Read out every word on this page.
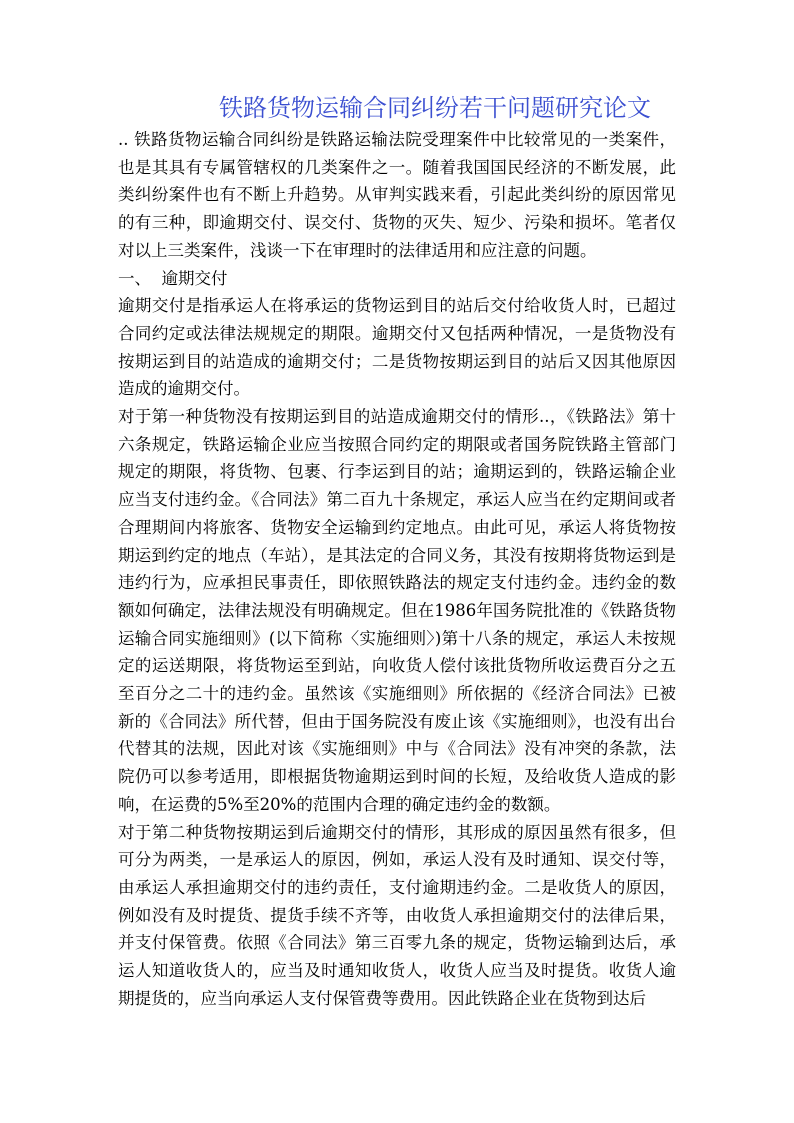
铁路货物运输合同纠纷若干问题研究论文

.. 铁路货物运输合同纠纷是铁路运输法院受理案件中比较常见的一类案件，也是其具有专属管辖权的几类案件之一。随着我国国民经济的不断发展，此类纠纷案件也有不断上升趋势。从审判实践来看，引起此类纠纷的原因常见的有三种，即逾期交付、误交付、货物的灭失、短少、污染和损坏。笔者仅对以上三类案件，浅谈一下在审理时的法律适用和应注意的问题。

一、  逾期交付

逾期交付是指承运人在将承运的货物运到目的站后交付给收货人时，已超过合同约定或法律法规规定的期限。逾期交付又包括两种情况，一是货物没有按期运到目的站造成的逾期交付；二是货物按期运到目的站后又因其他原因造成的逾期交付。

对于第一种货物没有按期运到目的站造成逾期交付的情形..，《铁路法》第十六条规定，铁路运输企业应当按照合同约定的期限或者国务院铁路主管部门规定的期限，将货物、包裹、行李运到目的站；逾期运到的，铁路运输企业应当支付违约金。《合同法》第二百九十条规定，承运人应当在约定期间或者合理期间内将旅客、货物安全运输到约定地点。由此可见，承运人将货物按期运到约定的地点（车站），是其法定的合同义务，其没有按期将货物运到是违约行为，应承担民事责任，即依照铁路法的规定支付违约金。违约金的数额如何确定，法律法规没有明确规定。但在1986年国务院批准的《铁路货物运输合同实施细则》(以下简称〈实施细则〉)第十八条的规定，承运人未按规定的运送期限，将货物运至到站，向收货人偿付该批货物所收运费百分之五至百分之二十的违约金。虽然该《实施细则》所依据的《经济合同法》已被新的《合同法》所代替，但由于国务院没有废止该《实施细则》，也没有出台代替其的法规，因此对该《实施细则》中与《合同法》没有冲突的条款，法院仍可以参考适用，即根据货物逾期运到时间的长短，及给收货人造成的影响，在运费的5%至20%的范围内合理的确定违约金的数额。

对于第二种货物按期运到后逾期交付的情形，其形成的原因虽然有很多，但可分为两类，一是承运人的原因，例如，承运人没有及时通知、误交付等，由承运人承担逾期交付的违约责任，支付逾期违约金。二是收货人的原因，例如没有及时提货、提货手续不齐等，由收货人承担逾期交付的法律后果，并支付保管费。依照《合同法》第三百零九条的规定，货物运输到达后，承运人知道收货人的，应当及时通知收货人，收货人应当及时提货。收货人逾期提货的，应当向承运人支付保管费等费用。因此铁路企业在货物到达后
